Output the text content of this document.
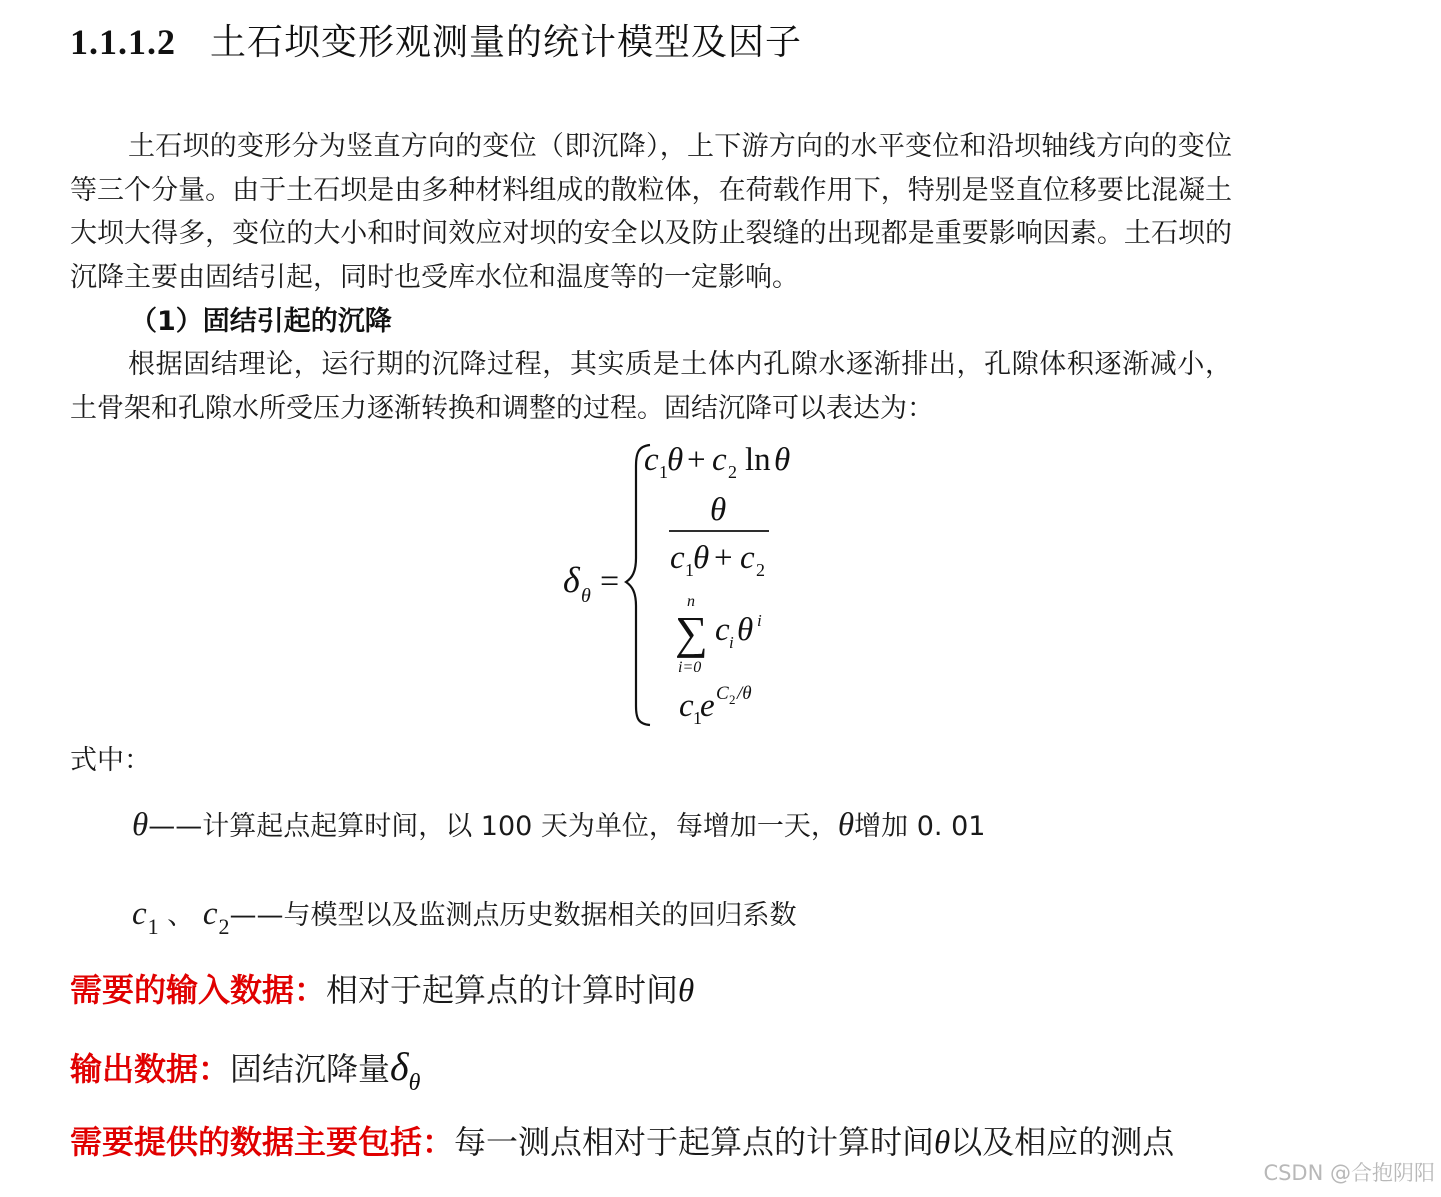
1.1.1.2 土石坝变形观测量的统计模型及因子

土石坝的变形分为竖直方向的变位（即沉降），上下游方向的水平变位和沿坝轴线方向的变位等三个分量。由于土石坝是由多种材料组成的散粒体，在荷载作用下，特别是竖直位移要比混凝土大坝大得多，变位的大小和时间效应对坝的安全以及防止裂缝的出现都是重要影响因素。土石坝的沉降主要由固结引起，同时也受库水位和温度等的一定影响。

（1）固结引起的沉降

根据固结理论，运行期的沉降过程，其实质是土体内孔隙水逐渐排出，孔隙体积逐渐减小，土骨架和孔隙水所受压力逐渐转换和调整的过程。固结沉降可以表达为：

δ θ =
c 1 θ + c 2 ln θ
θ
c 1 θ + c 2
n
∑
i=0
c i θ i
c 1
e C 2 /θ

式中：

θ——计算起点起算时间，以 100 天为单位，每增加一天，θ增加 0. 01

$c_1$ 、 $c_2——$与模型以及监测点历史数据相关的回归系数

需要的输入数据：相对于起算点的计算时间θ

输出数据：固结沉降量$\delta_\theta$

需要提供的数据主要包括：每一测点相对于起算点的计算时间θ以及相应的测点

CSDN @合抱阴阳
